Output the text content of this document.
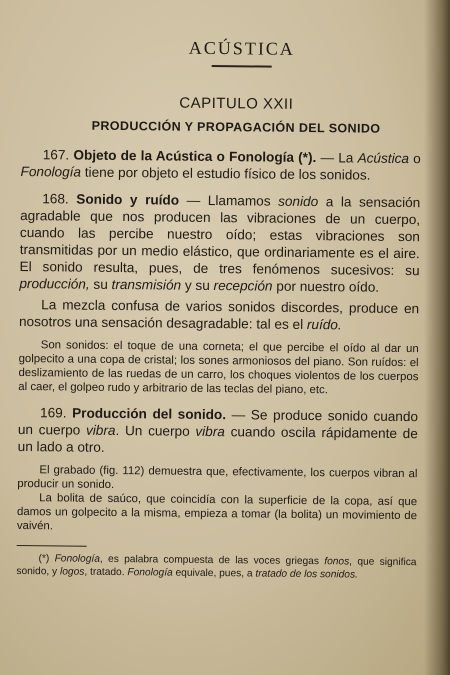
ACÚSTICA
CAPITULO XXII
PRODUCCIÓN Y PROPAGACIÓN DEL SONIDO

167. Objeto de la Acústica o Fonología (*). — La Acústica o Fonología tiene por objeto el estudio físico de los sonidos.

168. Sonido y ruído — Llamamos sonido a la sensación agradable que nos producen las vibraciones de un cuerpo, cuando las percibe nuestro oído; estas vibraciones son transmitidas por un medio elástico, que ordinariamente es el aire. El sonido resulta, pues, de tres fenómenos sucesivos: su producción, su transmisión y su recepción por nuestro oído.

La mezcla confusa de varios sonidos discordes, produce en nosotros una sensación desagradable: tal es el ruído.

Son sonidos: el toque de una corneta; el que percibe el oído al dar un golpecito a una copa de cristal; los sones armoniosos del piano. Son ruídos: el deslizamiento de las ruedas de un carro, los choques violentos de los cuerpos al caer, el golpeo rudo y arbitrario de las teclas del piano, etc.

169. Producción del sonido. — Se produce sonido cuando un cuerpo vibra. Un cuerpo vibra cuando oscila rápidamente de un lado a otro.

El grabado (fig. 112) demuestra que, efectivamente, los cuerpos vibran al producir un sonido.

La bolita de saúco, que coincidía con la superficie de la copa, así que damos un golpecito a la misma, empieza a tomar (la bolita) un movimiento de vaivén.

(*) Fonología, es palabra compuesta de las voces griegas fonos, que significa sonido, y logos, tratado. Fonología equivale, pues, a tratado de los sonidos.
